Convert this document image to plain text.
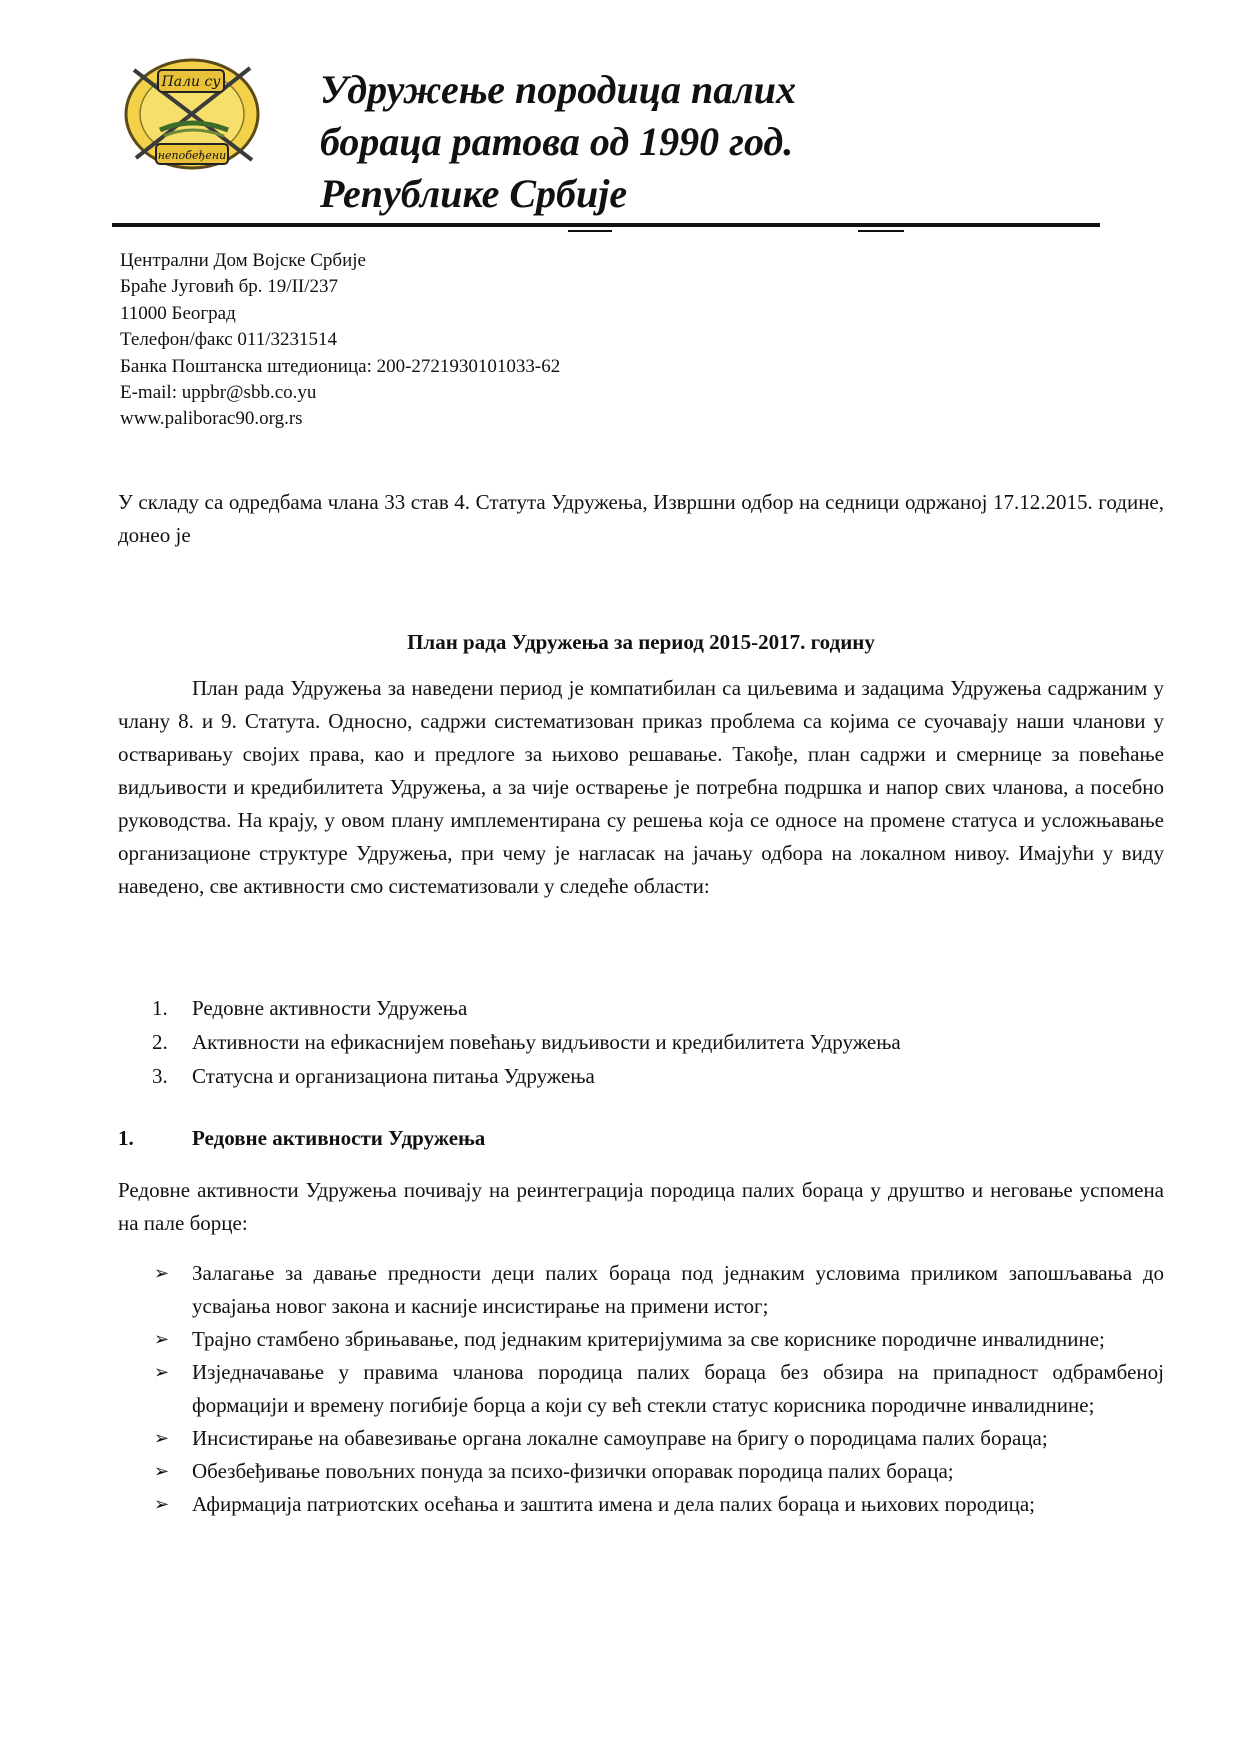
Пали су
непобеђени
Удружење породица палих
бораца ратова од 1990 год.
Републике Србије
Централни Дом Војске Србије
Браће Југовић бр. 19/II/237
11000 Београд
Телефон/факс 011/3231514
Банка Поштанска штедионица: 200-2721930101033-62
E-mail: uppbr@sbb.co.yu
www.paliborac90.org.rs

У складу са одредбама члана 33 став 4. Статута Удружења, Извршни одбор на седници одржаној 17.12.2015. године, донео је

План рада Удружења за период 2015-2017. годину

План рада Удружења за наведени период је компатибилан са циљевима и задацима Удружења садржаним у члану 8. и 9. Статута. Односно, садржи систематизован приказ проблема са којима се суочавају наши чланови у остваривању својих права, као и предлоге за њихово решавање. Такође, план садржи и смернице за повећање видљивости и кредибилитета Удружења, а за чије остварење је потребна подршка и напор свих чланова, а посебно руководства. На крају, у овом плану имплементирана су решења која се односе на промене статуса и усложњавање организационе структуре Удружења, при чему је нагласак на јачању одбора на локалном нивоу. Имајући у виду наведено, све активности смо систематизовали у следеће области:

1. Редовне активности Удружења
2. Активности на ефикаснијем повећању видљивости и кредибилитета Удружења
3. Статусна и организациона питања Удружења
1.	Редовне активности Удружења

Редовне активности Удружења почивају на реинтеграција породица палих бораца у друштво и неговање успомена на пале борце:

➢ Залагање за давање предности деци палих бораца под једнаким условима приликом запошљавања до усвајања новог закона и касније инсистирање на примени истог;
➢ Трајно стамбено збрињавање, под једнаким критеријумима за све кориснике породичне инвалиднине;
➢ Изједначавање у правима чланова породица палих бораца без обзира на припадност одбрамбеној формацији и времену погибије борца а који су већ стекли статус корисника породичне инвалиднине;
➢ Инсистирање на обавезивање органа локалне самоуправе на бригу о породицама палих бораца;
➢ Обезбеђивање повољних понуда за психо-физички опоравак породица палих бораца;
➢ Афирмација патриотских осећања и заштита имена и дела палих бораца и њихових породица;
